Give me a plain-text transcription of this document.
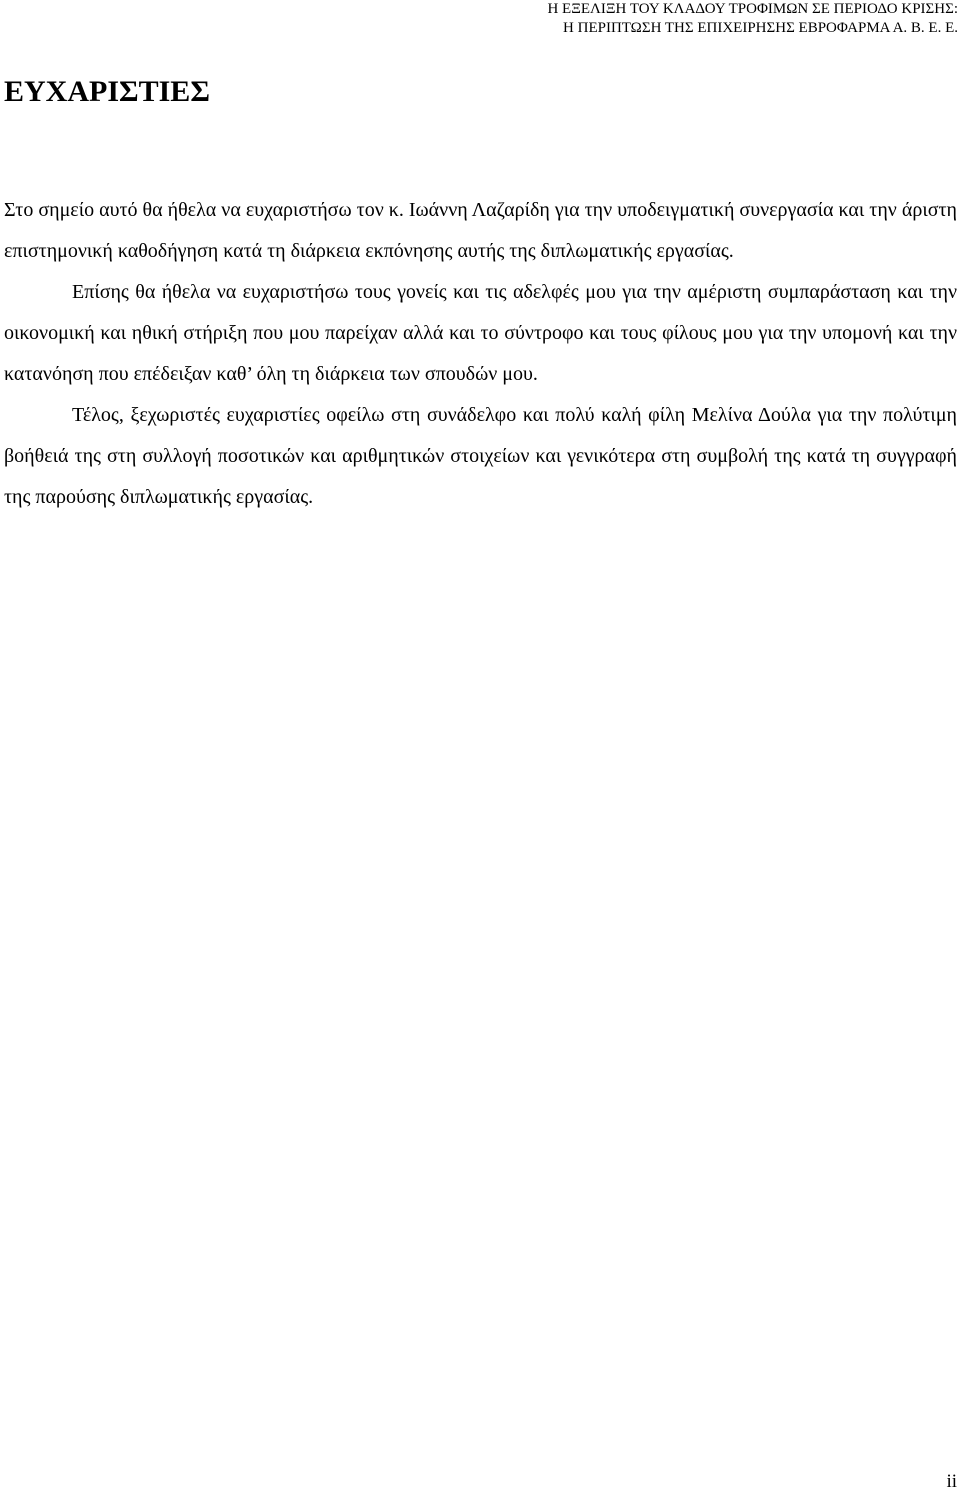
Η ΕΞΕΛΙΞΗ ΤΟΥ ΚΛΑΔΟΥ ΤΡΟΦΙΜΩΝ ΣΕ ΠΕΡΙΟΔΟ ΚΡΙΣΗΣ:
Η ΠΕΡΙΠΤΩΣΗ ΤΗΣ ΕΠΙΧΕΙΡΗΣΗΣ ΕΒΡΟΦΑΡΜΑ Α. Β. Ε. Ε.
ΕΥΧΑΡΙΣΤΙΕΣ

Στο σημείο αυτό θα ήθελα να ευχαριστήσω τον κ. Ιωάννη Λαζαρίδη για την υποδειγματική συνεργασία και την άριστη επιστημονική καθοδήγηση κατά τη διάρκεια εκπόνησης αυτής της διπλωματικής εργασίας.

Επίσης θα ήθελα να ευχαριστήσω τους γονείς και τις αδελφές μου για την αμέριστη συμπαράσταση και την οικονομική και ηθική στήριξη που μου παρείχαν αλλά και το σύντροφο και τους φίλους μου για την υπομονή και την κατανόηση που επέδειξαν καθ’ όλη τη διάρκεια των σπουδών μου.

Τέλος, ξεχωριστές ευχαριστίες οφείλω στη συνάδελφο και πολύ καλή φίλη Μελίνα Δούλα για την πολύτιμη βοήθειά της στη συλλογή ποσοτικών και αριθμητικών στοιχείων και γενικότερα στη συμβολή της κατά τη συγγραφή της παρούσης διπλωματικής εργασίας.

ii
